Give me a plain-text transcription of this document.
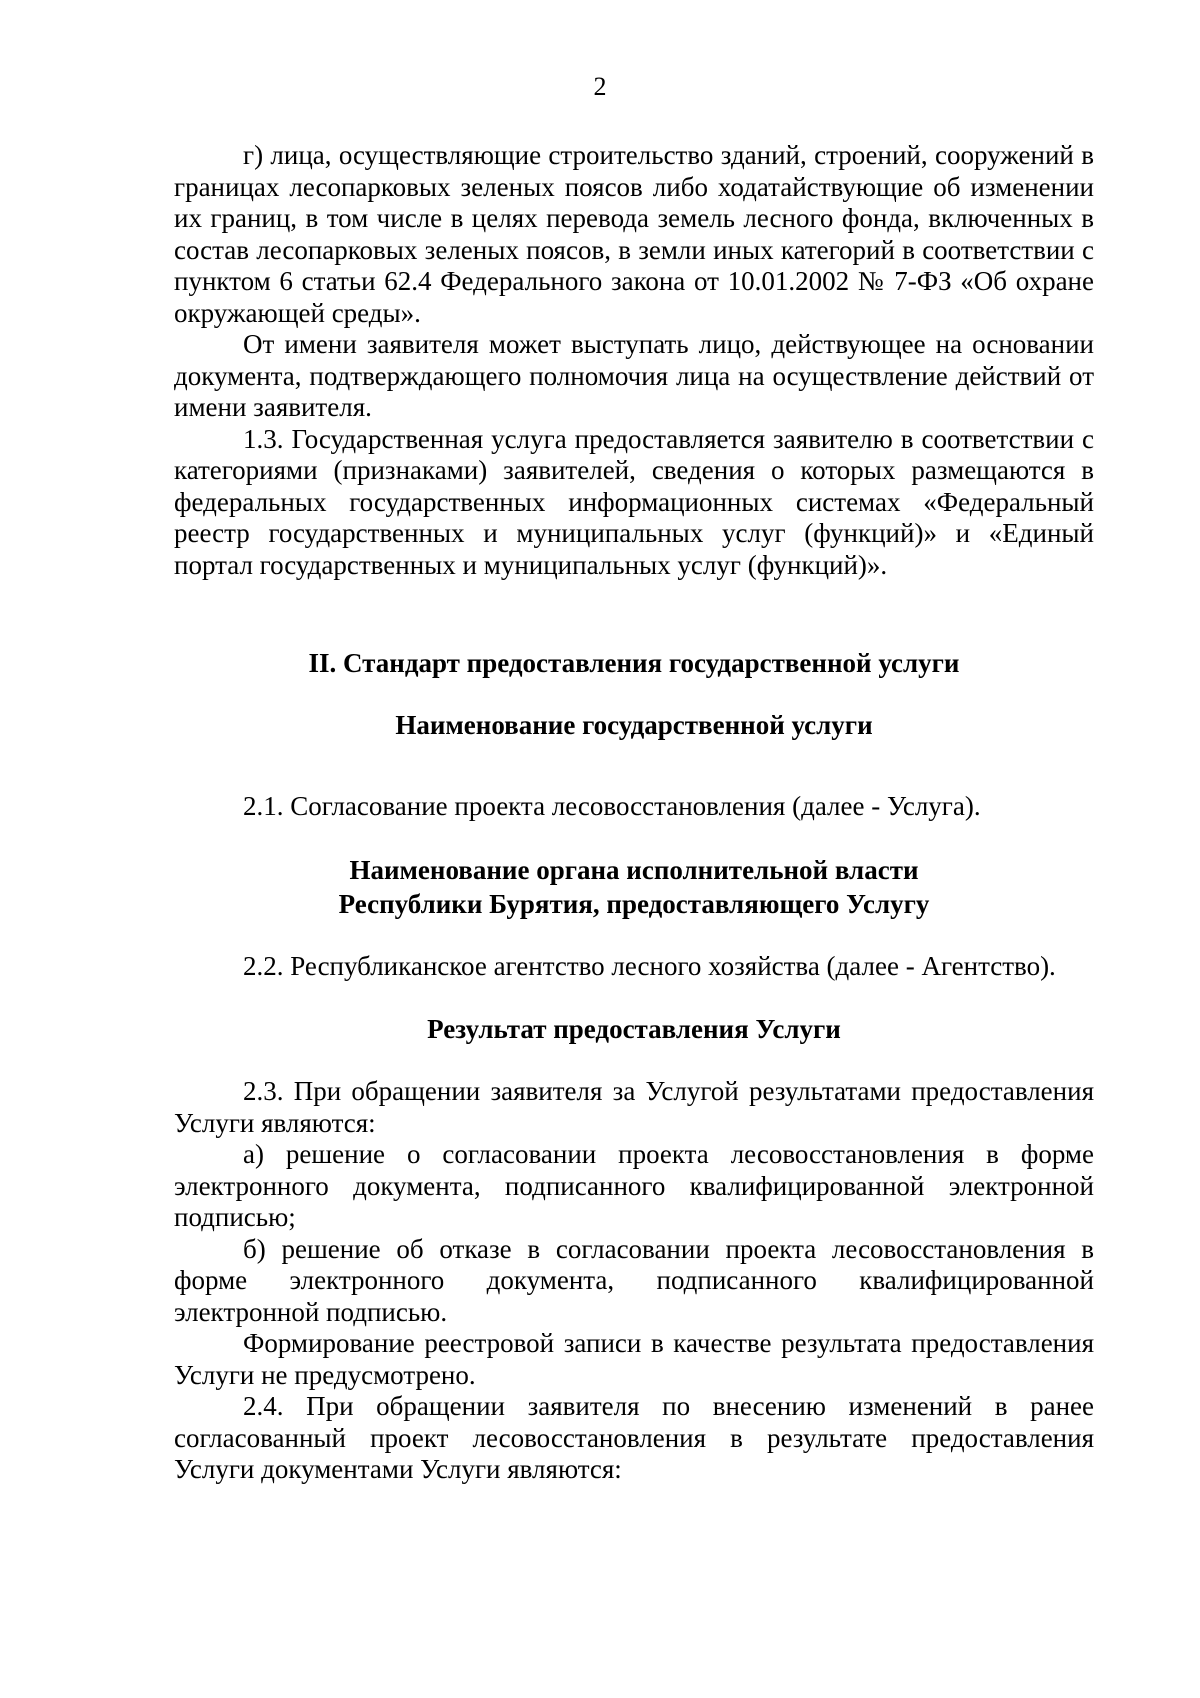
2

г) лица, осуществляющие строительство зданий, строений, сооружений в границах лесопарковых зеленых поясов либо ходатайствующие об изменении их границ, в том числе в целях перевода земель лесного фонда, включенных в состав лесопарковых зеленых поясов, в земли иных категорий в соответствии с пунктом 6 статьи 62.4 Федерального закона от 10.01.2002 № 7-ФЗ «Об охране окружающей среды».

От имени заявителя может выступать лицо, действующее на основании документа, подтверждающего полномочия лица на осуществление действий от имени заявителя.

1.3. Государственная услуга предоставляется заявителю в соответствии с категориями (признаками) заявителей, сведения о которых размещаются в федеральных государственных информационных системах «Федеральный реестр государственных и муниципальных услуг (функций)» и «Единый портал государственных и муниципальных услуг (функций)».

II. Стандарт предоставления государственной услуги
Наименование государственной услуги

2.1. Согласование проекта лесовосстановления (далее - Услуга).

Наименование органа исполнительной власти
Республики Бурятия, предоставляющего Услугу

2.2. Республиканское агентство лесного хозяйства (далее - Агентство).

Результат предоставления Услуги

2.3. При обращении заявителя за Услугой результатами предоставления Услуги являются:

а) решение о согласовании проекта лесовосстановления в форме электронного документа, подписанного квалифицированной электронной подписью;

б) решение об отказе в согласовании проекта лесовосстановления в форме электронного документа, подписанного квалифицированной электронной подписью.

Формирование реестровой записи в качестве результата предоставления Услуги не предусмотрено.

2.4. При обращении заявителя по внесению изменений в ранее согласованный проект лесовосстановления в результате предоставления Услуги документами Услуги являются:
